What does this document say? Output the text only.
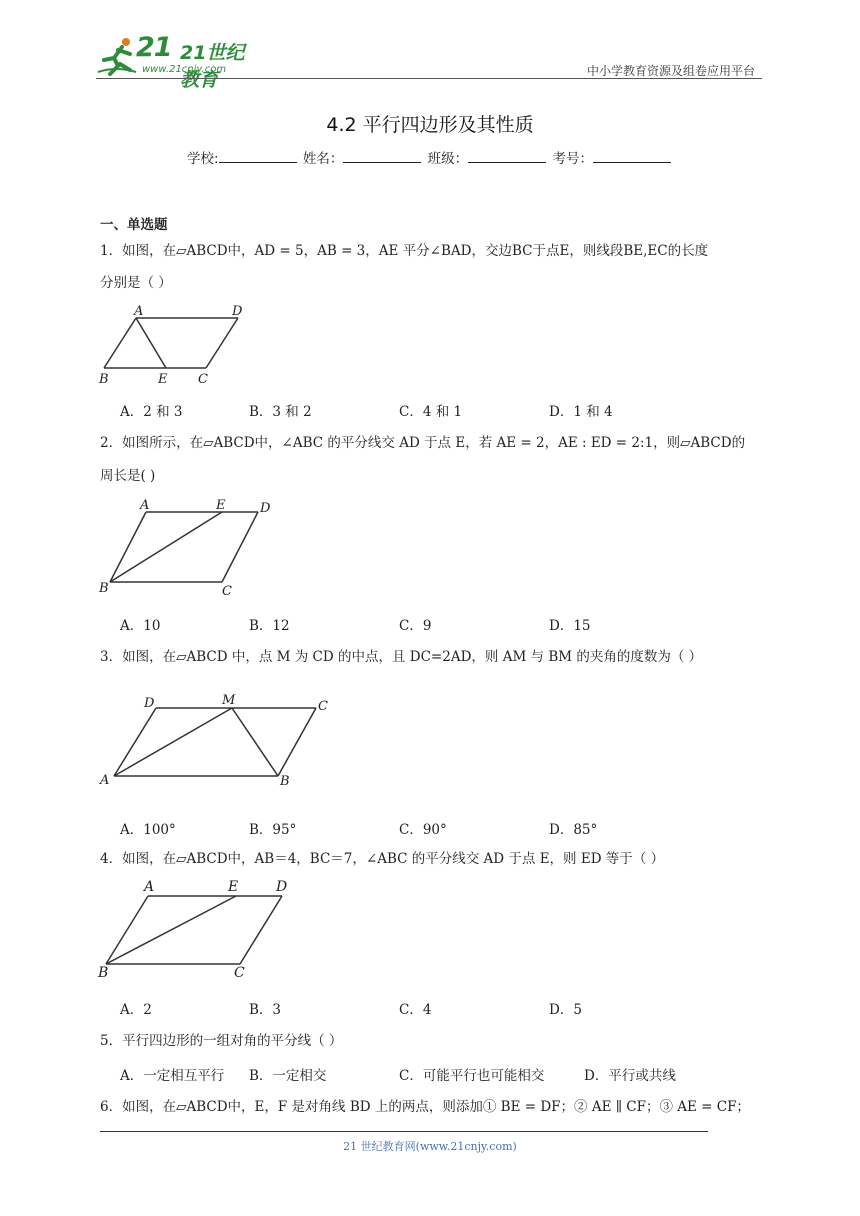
21 21世纪教育
www.21cnjy.com	中小学教育资源及组卷应用平台
4.2 平行四边形及其性质
学校:	姓名：	班级：	考号：
一、单选题
1．如图，在▱ABCD中，AD = 5，AB = 3，AE 平分∠BAD，交边BC于点E，则线段BE,EC的长度
分别是（ ）
A	D
B	E C
A．2 和 3	B．3 和 2	C．4 和 1	D．1 和 4
2．如图所示，在▱ABCD中，∠ABC 的平分线交 AD 于点 E，若 AE = 2，AE : ED = 2:1，则▱ABCD的
周长是( )
A	E	D
B	C
A．10	B．12	C．9	D．15
3．如图，在▱ABCD 中，点 M 为 CD 的中点，且 DC=2AD，则 AM 与 BM 的夹角的度数为（ ）
D	M	C
A	B
A．100°	B．95°	C．90°	D．85°
4．如图，在▱ABCD中，AB＝4，BC＝7，∠ABC 的平分线交 AD 于点 E，则 ED 等于（ ）
A	E	D
B	C
A．2	B．3	C．4	D．5
5．平行四边形的一组对角的平分线（ ）
A．一定相互平行 B．一定相交	C．可能平行也可能相交	D．平行或共线
6．如图，在▱ABCD中，E，F 是对角线 BD 上的两点，则添加① BE = DF；② AE ∥ CF；③ AE = CF；
21 世纪教育网(www.21cnjy.com)
